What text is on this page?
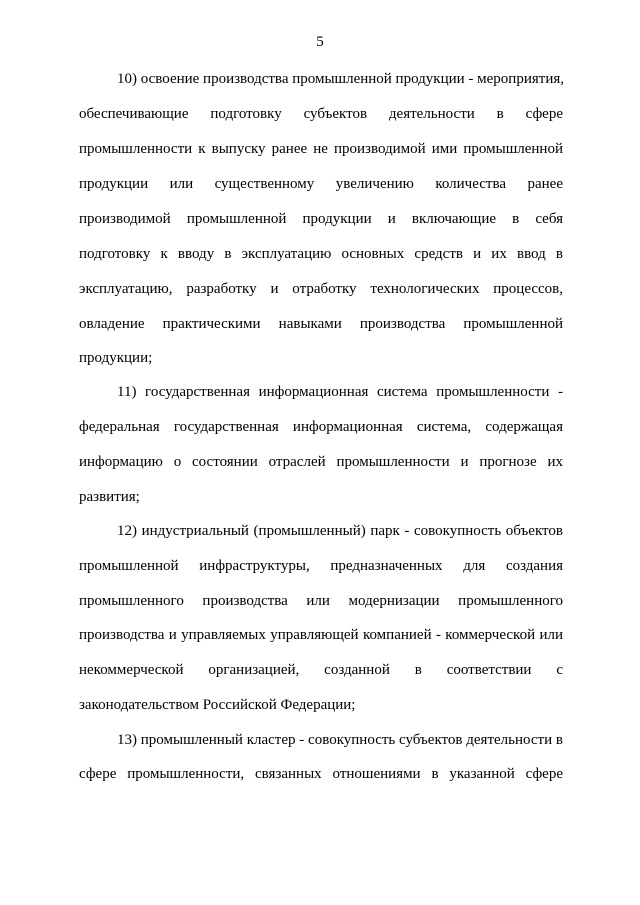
5
10) освоение производства промышленной продукции - мероприятия,
обеспечивающие подготовку субъектов деятельности в сфере
промышленности к выпуску ранее не производимой ими промышленной
продукции или существенному увеличению количества ранее
производимой промышленной продукции и включающие в себя
подготовку к вводу в эксплуатацию основных средств и их ввод в
эксплуатацию, разработку и отработку технологических процессов,
овладение практическими навыками производства промышленной
продукции;
11) государственная информационная система промышленности -
федеральная государственная информационная система, содержащая
информацию о состоянии отраслей промышленности и прогнозе их
развития;
12) индустриальный (промышленный) парк - совокупность объектов
промышленной инфраструктуры, предназначенных для создания
промышленного производства или модернизации промышленного
производства и управляемых управляющей компанией - коммерческой или
некоммерческой организацией, созданной в соответствии с
законодательством Российской Федерации;
13) промышленный кластер - совокупность субъектов деятельности в
сфере промышленности, связанных отношениями в указанной сфере
